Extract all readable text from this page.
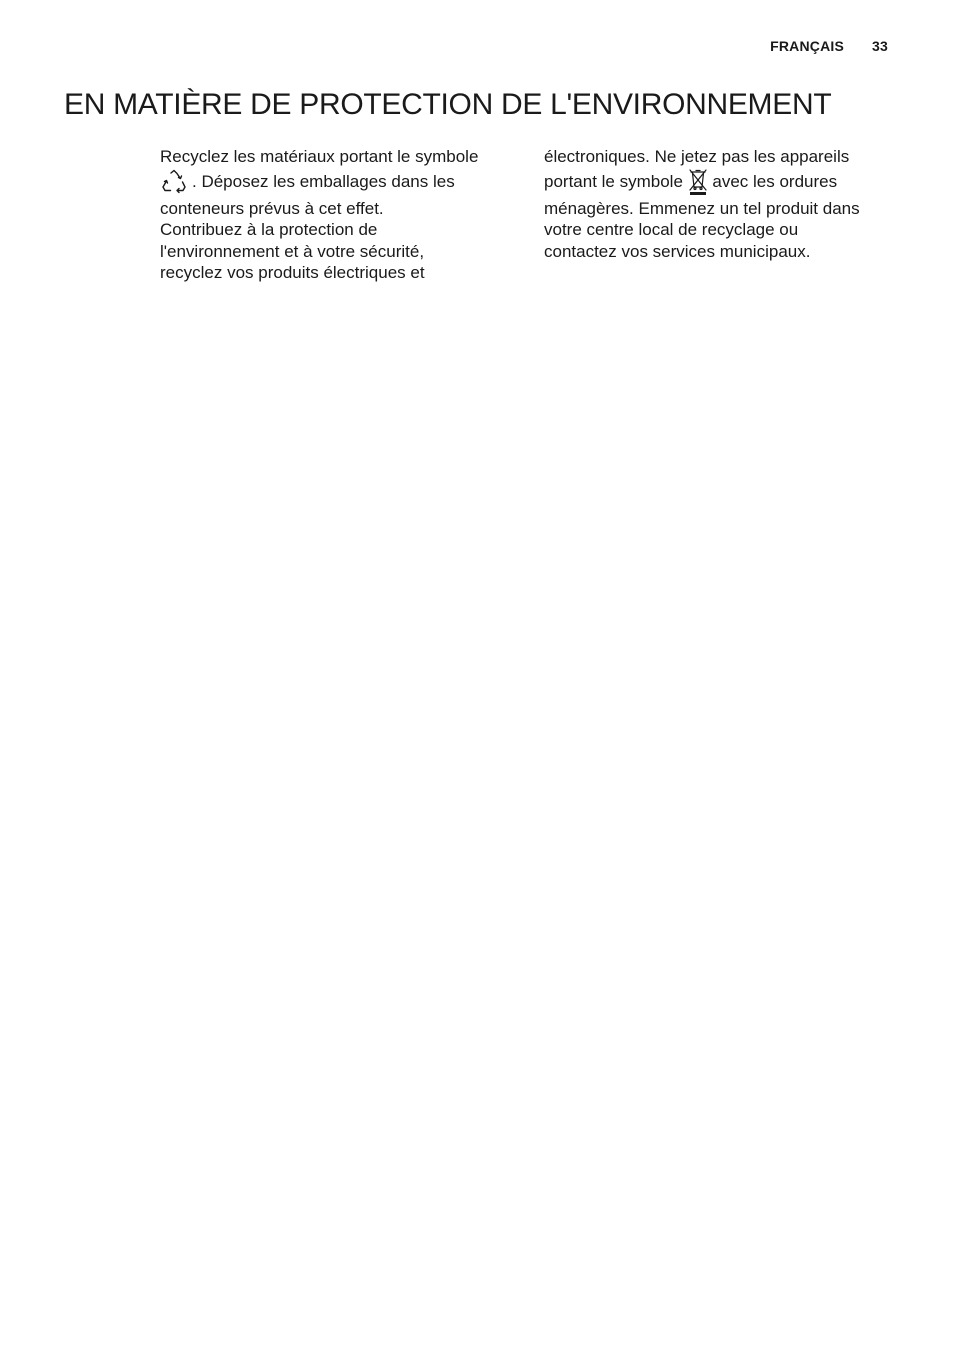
FRANÇAIS 33
EN MATIÈRE DE PROTECTION DE L'ENVIRONNEMENT
Recyclez les matériaux portant le symbole
. Déposez les emballages dans les
conteneurs prévus à cet effet.
Contribuez à la protection de
l'environnement et à votre sécurité,
recyclez vos produits électriques et
électroniques. Ne jetez pas les appareils
portant le symbole avec les ordures
ménagères. Emmenez un tel produit dans
votre centre local de recyclage ou
contactez vos services municipaux.
